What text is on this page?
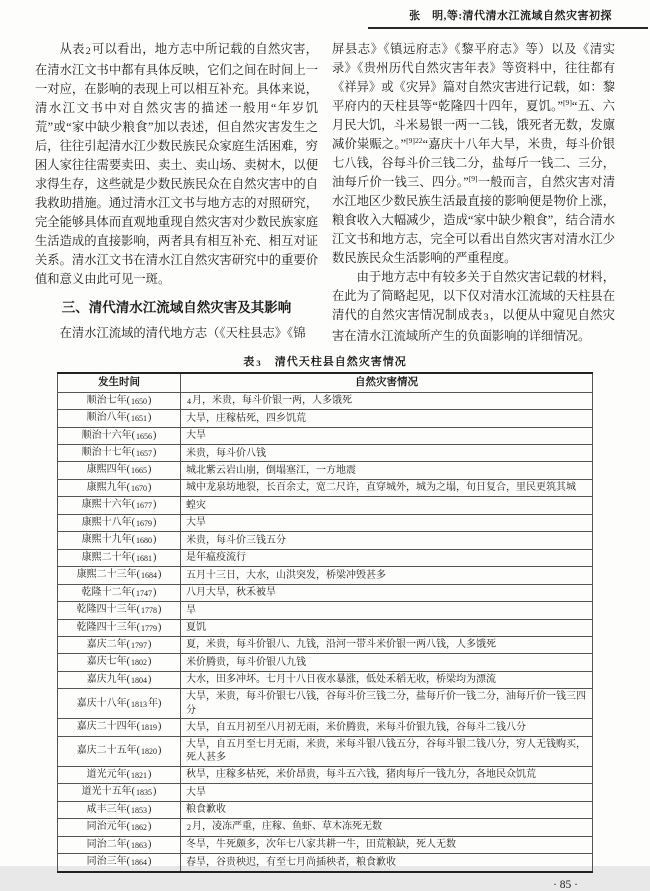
张　明,等:清代清水江流域自然灾害初探

从表2可以看出，地方志中所记载的自然灾害，在清水江文书中都有具体反映，它们之间在时间上一一对应，在影响的表现上可以相互补充。具体来说，清水江文书中对自然灾害的描述一般用“年岁饥荒”或“家中缺少粮食”加以表述，但自然灾害发生之后，往往引起清水江少数民族民众家庭生活困难，穷困人家往往需要卖田、卖土、卖山场、卖树木，以便求得生存，这些就是少数民族民众在自然灾害中的自我救助措施。通过清水江文书与地方志的对照研究，完全能够具体而直观地重现自然灾害对少数民族家庭生活造成的直接影响，两者具有相互补充、相互对证关系。清水江文书在清水江自然灾害研究中的重要价值和意义由此可见一斑。

三、清代清水江流域自然灾害及其影响

在清水江流域的清代地方志（《天柱县志》《锦

屏县志》《镇远府志》《黎平府志》等）以及《清实录》《贵州历代自然灾害年表》等资料中，往往都有《祥异》或《灾异》篇对自然灾害进行记载，如：黎平府内的天柱县等“乾隆四十四年，夏饥。”[9]“五、六月民大饥，斗米易银一两一二钱，饿死者无数，发廪减价粜赈之。”$^{[9]22}$“嘉庆十八年大旱，米贵，每斗价银七八钱，谷每斗价三钱二分，盐每斤一钱二、三分，油每斤价一钱三、四分。”[9]一般而言，自然灾害对清水江地区少数民族生活最直接的影响便是物价上涨，粮食收入大幅减少，造成“家中缺少粮食”，结合清水江文书和地方志，完全可以看出自然灾害对清水江少数民族民众生活影响的严重程度。

由于地方志中有较多关于自然灾害记载的材料，在此为了简略起见，以下仅对清水江流域的天柱县在清代的自然灾害情况制成表3，以便从中窥见自然灾害在清水江流域所产生的负面影响的详细情况。

表3　清代天柱县自然灾害情况
发生时间	自然灾害情况
顺治七年(1650)	4月，米贵，每斗价银一两，人多饿死
顺治八年(1651)	大旱，庄稼枯死，四乡饥荒
顺治十六年(1656)	大旱
顺治十七年(1657)	米贵，每斗价八钱
康熙四年(1665)	城北紫云岩山崩，倒塌塞江，一方地震
康熙九年(1670)	城中龙泉坊地裂，长百余丈，宽二尺许，直穿城外，城为之塌，旬日复合，里民更筑其城
康熙十六年(1677)	蝗灾
康熙十八年(1679)	大旱
康熙十九年(1680)	米贵，每斗价三钱五分
康熙二十年(1681)	是年瘟疫流行
康熙二十三年(1684)	五月十三日，大水，山洪突发，桥梁冲毁甚多
乾隆十二年(1747)	八月大旱，秋禾被旱
乾隆四十三年(1778)	旱
乾隆四十三年(1779)	夏饥
嘉庆二年(1797)	夏，米贵，每斗价银八、九钱，沿河一带斗米价银一两八钱，人多饿死
嘉庆七年(1802)	米价腾贵，每斗价银八九钱
嘉庆九年(1804)	大水，田多冲坏。七月十八日夜水暴涨，低处禾稻无收，桥梁均为漂流
嘉庆十八年(1813年)	大旱，米贵，每斗价银七八钱，谷每斗价三钱二分，盐每斤价一钱二分，油每斤价一钱三四分
嘉庆二十四年(1819)	大旱，自五月初至八月初无雨，米价腾贵，米每斗价银九钱，谷每斗二钱八分
嘉庆二十五年(1820)	大旱，自五月至七月无雨，米贵，米每斗银八钱五分，谷每斗银二钱八分，穷人无钱购买，死人甚多
道光元年(1821)	秋旱，庄稼多枯死，米价昂贵，每斗五六钱，猪肉每斤一钱九分，各地民众饥荒
道光十五年(1835)	大旱
咸丰三年(1853)	粮食歉收
同治元年(1862)	2月，凌冻严重，庄稼、鱼虾、草木冻死无数
同治二年(1863)	冬旱，牛死颇多，次年七八家共耕一牛，田荒粮缺，死人无数
同治三年(1864)	春旱，谷贵秧迟，有至七月尚插秧者，粮食歉收
· 85 ·
